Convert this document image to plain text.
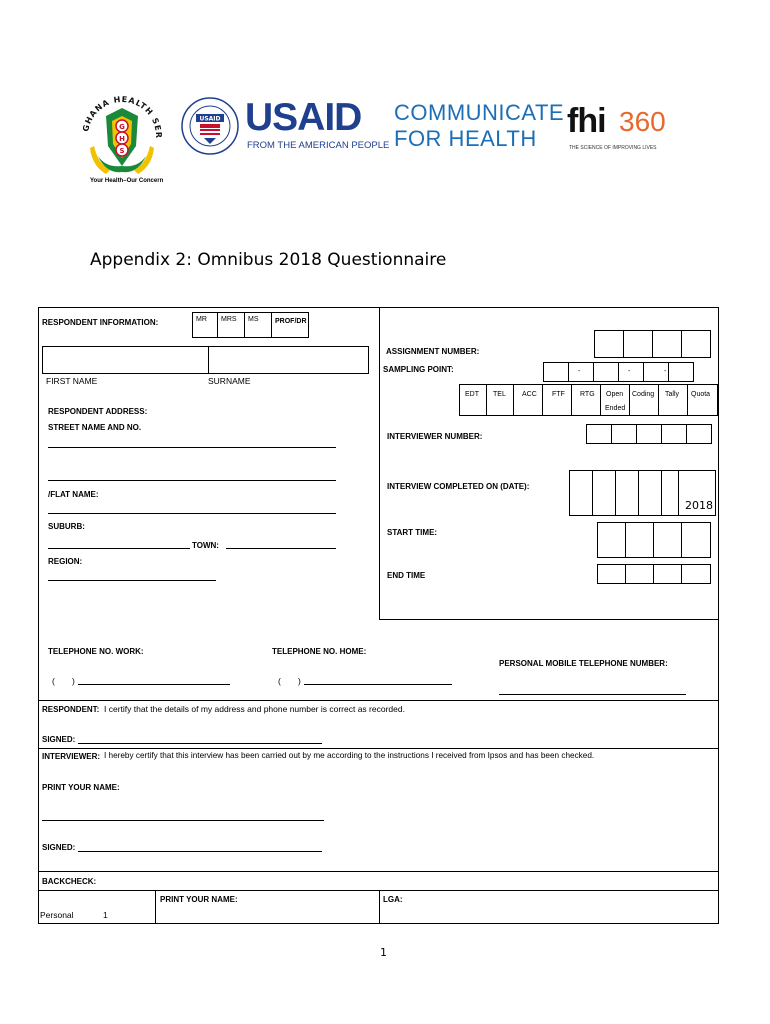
GHANA HEALTH SER
G
H
S
Your Health–Our Concern
USAID USAID
FROM THE AMERICAN PEOPLE
COMMUNICATE
FOR HEALTH fhi 360
THE SCIENCE OF IMPROVING LIVES
Appendix 2: Omnibus 2018 Questionnaire
RESPONDENT INFORMATION:	MR MRS MS PROF/DR
FIRST NAME	SURNAME
RESPONDENT ADDRESS:
STREET NAME AND NO.
/FLAT NAME:
SUBURB:
TOWN:
REGION:
ASSIGNMENT NUMBER:
SAMPLING POINT:	-	-	-
EDT TEL ACC FTF RTG Open
Ended
Coding Tally Quota
INTERVIEWER NUMBER:
INTERVIEW COMPLETED ON (DATE):
2018
START TIME:
END TIME
TELEPHONE NO. WORK:
( )
TELEPHONE NO. HOME:
( )
PERSONAL MOBILE TELEPHONE NUMBER:
RESPONDENT: I certify that the details of my address and phone number is correct as recorded.
SIGNED:
INTERVIEWER: I hereby certify that this interview has been carried out by me according to the instructions I received from Ipsos and has been checked.
PRINT YOUR NAME:
SIGNED:
BACKCHECK:
PRINT YOUR NAME:	LGA:
Personal	1
1
